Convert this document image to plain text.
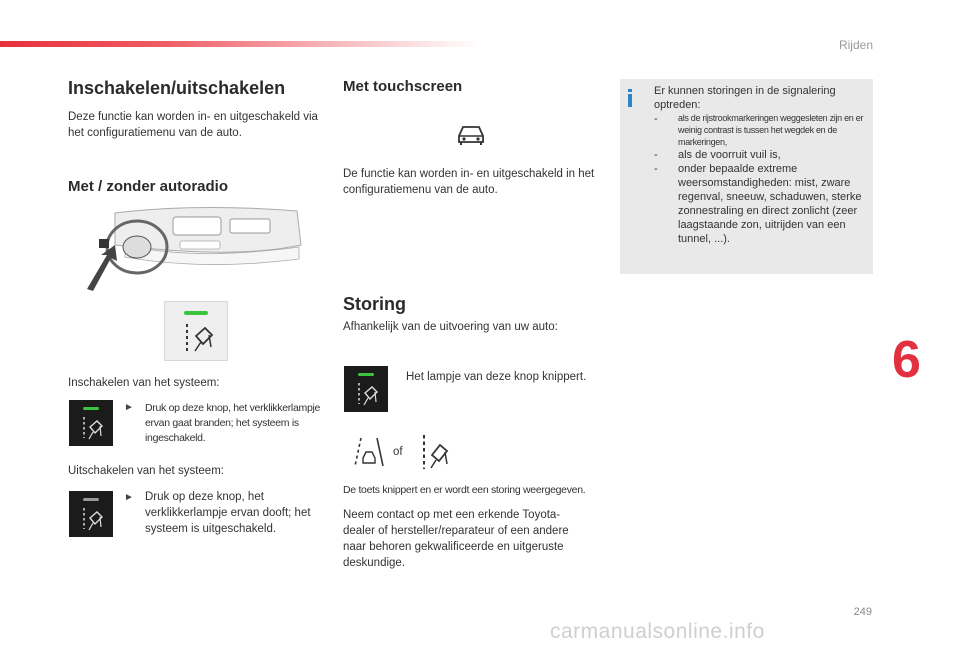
Rijden
Inschakelen/uitschakelen
Deze functie kan worden in- en uitgeschakeld via het configuratiemenu van de auto.
Met / zonder autoradio
Inschakelen van het systeem:
► Druk op deze knop, het verklikkerlampje ervan gaat branden; het systeem is ingeschakeld.
Uitschakelen van het systeem:
► Druk op deze knop, het verklikkerlampje ervan dooft; het systeem is uitgeschakeld.
Met touchscreen
De functie kan worden in- en uitgeschakeld in het configuratiemenu van de auto.
Storing
Afhankelijk van de uitvoering van uw auto:
Het lampje van deze knop knippert.
of
De toets knippert en er wordt een storing weergegeven.
Neem contact op met een erkende Toyota-dealer of hersteller/reparateur of een andere naar behoren gekwalificeerde en uitgeruste deskundige.
Er kunnen storingen in de signalering optreden:
-	als de rijstrookmarkeringen weggesleten zijn en er weinig contrast is tussen het wegdek en de markeringen,
-	als de voorruit vuil is,
-	onder bepaalde extreme weersomstandigheden: mist, zware regenval, sneeuw, schaduwen, sterke zonnestraling en direct zonlicht (zeer laagstaande zon, uitrijden van een tunnel, ...).
6
249
carmanualsonline.info
